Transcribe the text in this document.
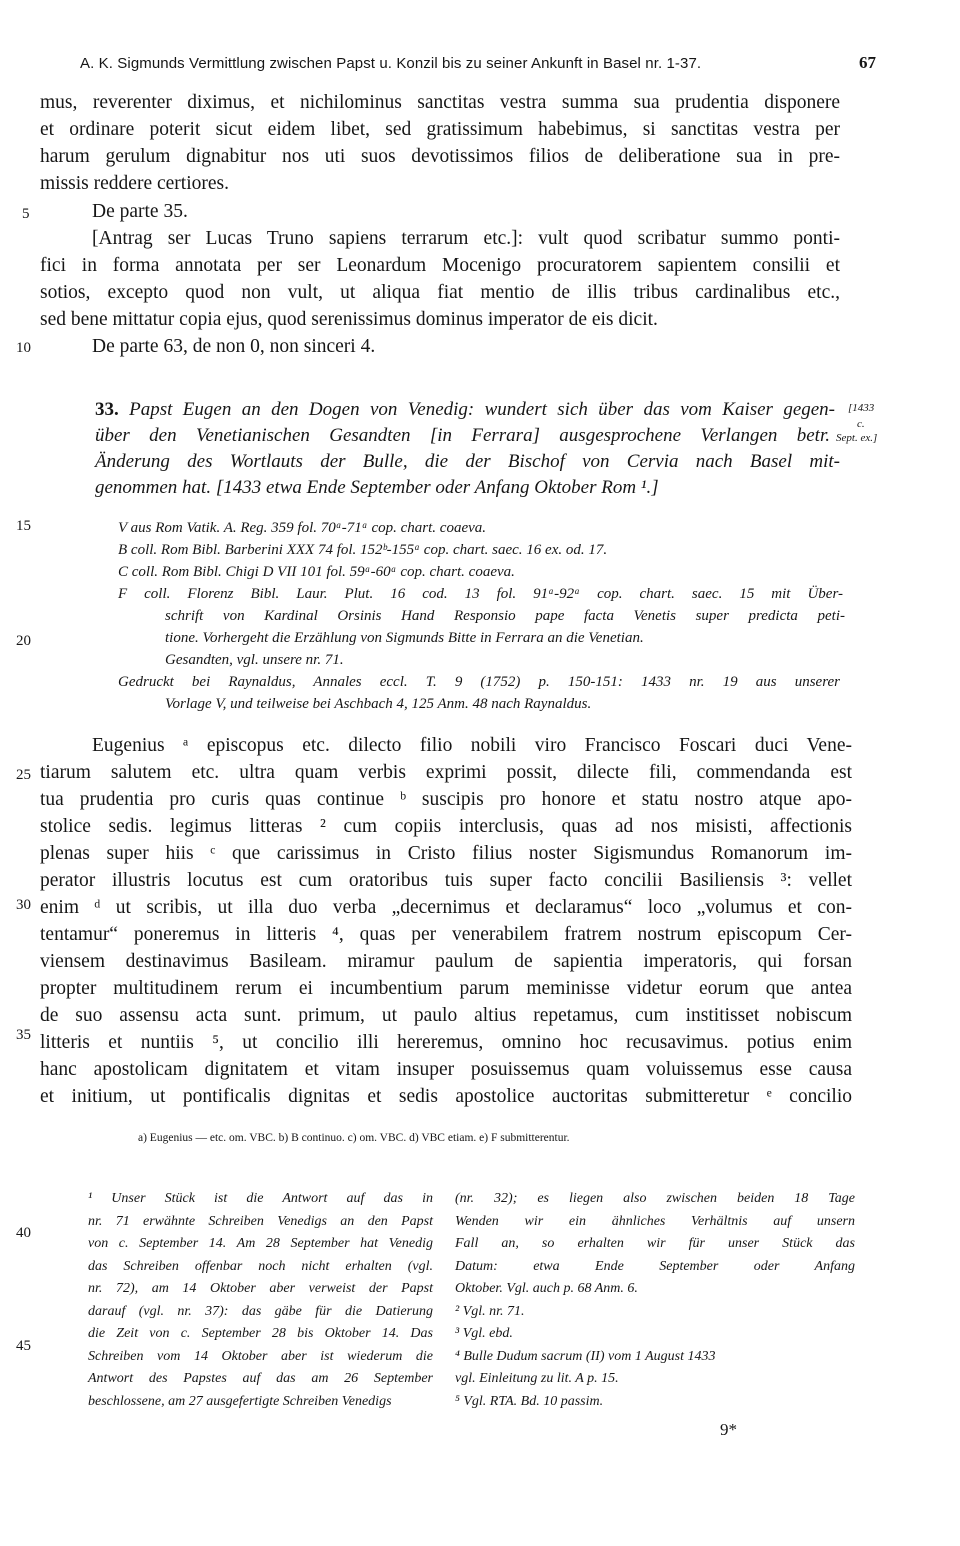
A. K. Sigmunds Vermittlung zwischen Papst u. Konzil bis zu seiner Ankunft in Basel nr. 1-37.	67
5
10
15
20
25
30
35
40
45
mus, reverenter diximus, et nichilominus sanctitas vestra summa sua prudentia disponere
et ordinare poterit sicut eidem libet, sed gratissimum habebimus, si sanctitas vestra per
harum gerulum dignabitur nos uti suos devotissimos filios de deliberatione sua in pre-
missis reddere certiores.
De parte 35.
[Antrag ser Lucas Truno sapiens terrarum etc.]: vult quod scribatur summo ponti-
fici in forma annotata per ser Leonardum Mocenigo procuratorem sapientem consilii et
sotios, excepto quod non vult, ut aliqua fiat mentio de illis tribus cardinalibus etc.,
sed bene mittatur copia ejus, quod serenissimus dominus imperator de eis dicit.
De parte 63, de non 0, non sinceri 4.
33. Papst Eugen an den Dogen von Venedig: wundert sich über das vom Kaiser gegen-
über den Venetianischen Gesandten [in Ferrara] ausgesprochene Verlangen betr.
Änderung des Wortlauts der Bulle, die der Bischof von Cervia nach Basel mit-
genommen hat. [1433 etwa Ende September oder Anfang Oktober Rom ¹.]
[1433
c.
Sept. ex.]
V aus Rom Vatik. A. Reg. 359 fol. 70ᵃ-71ᵃ cop. chart. coaeva.
B coll. Rom Bibl. Barberini XXX 74 fol. 152ᵇ-155ᵃ cop. chart. saec. 16 ex. od. 17.
C coll. Rom Bibl. Chigi D VII 101 fol. 59ᵃ-60ᵃ cop. chart. coaeva.
F coll. Florenz Bibl. Laur. Plut. 16 cod. 13 fol. 91ᵃ-92ᵃ cop. chart. saec. 15 mit Über-
schrift von Kardinal Orsinis Hand Responsio pape facta Venetis super predicta peti-
tione. Vorhergeht die Erzählung von Sigmunds Bitte in Ferrara an die Venetian.
Gesandten, vgl. unsere nr. 71.
Gedruckt bei Raynaldus, Annales eccl. T. 9 (1752) p. 150-151: 1433 nr. 19 aus unserer
Vorlage V, und teilweise bei Aschbach 4, 125 Anm. 48 nach Raynaldus.
Eugenius ᵃ episcopus etc. dilecto filio nobili viro Francisco Foscari duci Vene-
tiarum salutem etc. ultra quam verbis exprimi possit, dilecte fili, commendanda est
tua prudentia pro curis quas continue ᵇ suscipis pro honore et statu nostro atque apo-
stolice sedis. legimus litteras ² cum copiis interclusis, quas ad nos misisti, affectionis
plenas super hiis ᶜ que carissimus in Cristo filius noster Sigismundus Romanorum im-
perator illustris locutus est cum oratoribus tuis super facto concilii Basiliensis ³: vellet
enim ᵈ ut scribis, ut illa duo verba „decernimus et declaramus“ loco „volumus et con-
tentamur“ poneremus in litteris ⁴, quas per venerabilem fratrem nostrum episcopum Cer-
viensem destinavimus Basileam. miramur paulum de sapientia imperatoris, qui forsan
propter multitudinem rerum ei incumbentium parum meminisse videtur eorum que antea
de suo assensu acta sunt. primum, ut paulo altius repetamus, cum institisset nobiscum
litteris et nuntiis ⁵, ut concilio illi hereremus, omnino hoc recusavimus. potius enim
hanc apostolicam dignitatem et vitam insuper posuissemus quam voluissemus esse causa
et initium, ut pontificalis dignitas et sedis apostolice auctoritas submitteretur ᵉ concilio
a) Eugenius — etc. om. VBC. b) B continuo. c) om. VBC. d) VBC etiam. e) F submitterentur.
¹ Unser Stück ist die Antwort auf das in
nr. 71 erwähnte Schreiben Venedigs an den Papst
von c. September 14. Am 28 September hat Venedig
das Schreiben offenbar noch nicht erhalten (vgl.
nr. 72), am 14 Oktober aber verweist der Papst
darauf (vgl. nr. 37): das gäbe für die Datierung
die Zeit von c. September 28 bis Oktober 14. Das
Schreiben vom 14 Oktober aber ist wiederum die
Antwort des Papstes auf das am 26 September
beschlossene, am 27 ausgefertigte Schreiben Venedigs
(nr. 32); es liegen also zwischen beiden 18 Tage
Wenden wir ein ähnliches Verhältnis auf unsern
Fall an, so erhalten wir für unser Stück das
Datum: etwa Ende September oder Anfang
Oktober. Vgl. auch p. 68 Anm. 6.
² Vgl. nr. 71.
³ Vgl. ebd.
⁴ Bulle Dudum sacrum (II) vom 1 August 1433
vgl. Einleitung zu lit. A p. 15.
⁵ Vgl. RTA. Bd. 10 passim.
9*
